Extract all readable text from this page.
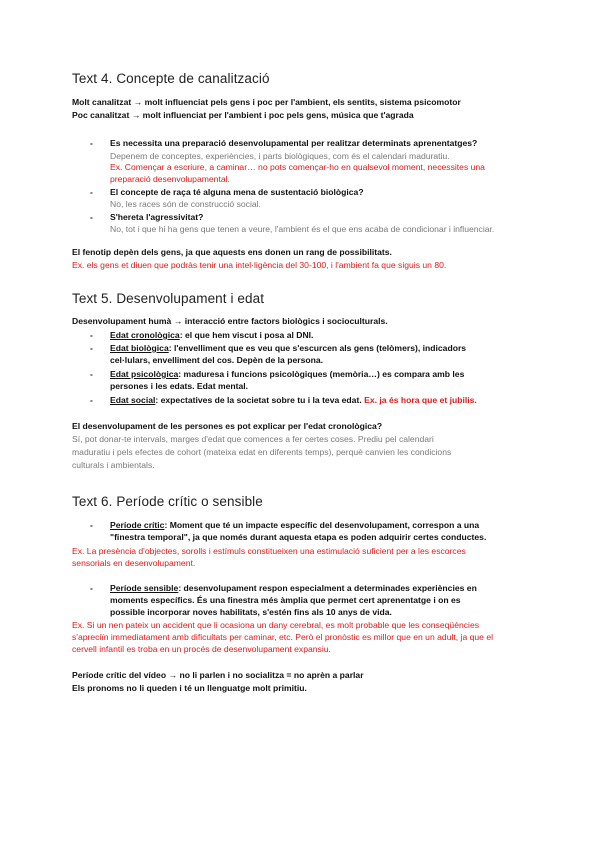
Text 4. Concepte de canalització

Molt canalitzat → molt influenciat pels gens i poc per l'ambient, els sentits, sistema psicomotor

Poc canalitzat → molt influenciat per l'ambient i poc pels gens, música que t'agrada

- Es necessita una preparació desenvolupamental per realitzar determinats aprenentatges?

Depenem de conceptes, experiències, i parts biològiques, com és el calendari maduratiu.

Ex. Començar a escriure, a caminar… no pots començar-ho en qualsevol moment, necessites una

preparació desenvolupamental.

- El concepte de raça té alguna mena de sustentació biològica?

No, les races són de construcció social.

- S'hereta l'agressivitat?

No, tot i que hi ha gens que tenen a veure, l'ambient és el que ens acaba de condicionar i influenciar.

El fenotip depèn dels gens, ja que aquests ens donen un rang de possibilitats.

Ex. els gens et diuen que podràs tenir una intel·ligència del 30-100, i l'ambient fa que siguis un 80.

Text 5. Desenvolupament i edat

Desenvolupament humà → interacció entre factors biològics i socioculturals.

- Edat cronològica: el que hem viscut i posa al DNI.

- Edat biològica: l'envelliment que es veu que s'escurcen als gens (telòmers), indicadors

cel·lulars, envelliment del cos. Depèn de la persona.

- Edat psicològica: maduresa i funcions psicològiques (memòria…) es compara amb les

persones i les edats. Edat mental.

- Edat social: expectatives de la societat sobre tu i la teva edat. Ex. ja és hora que et jubilis.

El desenvolupament de les persones es pot explicar per l'edat cronològica?

Sí, pot donar-te intervals, marges d'edat que comences a fer certes coses. Prediu pel calendari

maduratiu i pels efectes de cohort (mateixa edat en diferents temps), perquè canvien les condicions

culturals i ambientals.

Text 6. Període crític o sensible
- Període crític: Moment que té un impacte específic del desenvolupament, correspon a una

"finestra temporal", ja que només durant aquesta etapa es poden adquirir certes conductes.

Ex. La presència d'objectes, sorolls i estímuls constitueixen una estimulació suficient per a les escorces

sensorials en desenvolupament.

- Període sensible: desenvolupament respon especialment a determinades experiències en

moments específics. És una finestra més àmplia que permet cert aprenentatge i on es

possible incorporar noves habilitats, s'estén fins als 10 anys de vida.

Ex. Si un nen pateix un accident que li ocasiona un dany cerebral, es molt probable que les conseqüències

s'apreciïn immediatament amb dificultats per caminar, etc. Però el pronòstic es millor que en un adult, ja que el

cervell infantil es troba en un procés de desenvolupament expansiu.

Període crític del vídeo → no li parlen i no socialitza = no aprèn a parlar

Els pronoms no li queden i té un llenguatge molt primitiu.
